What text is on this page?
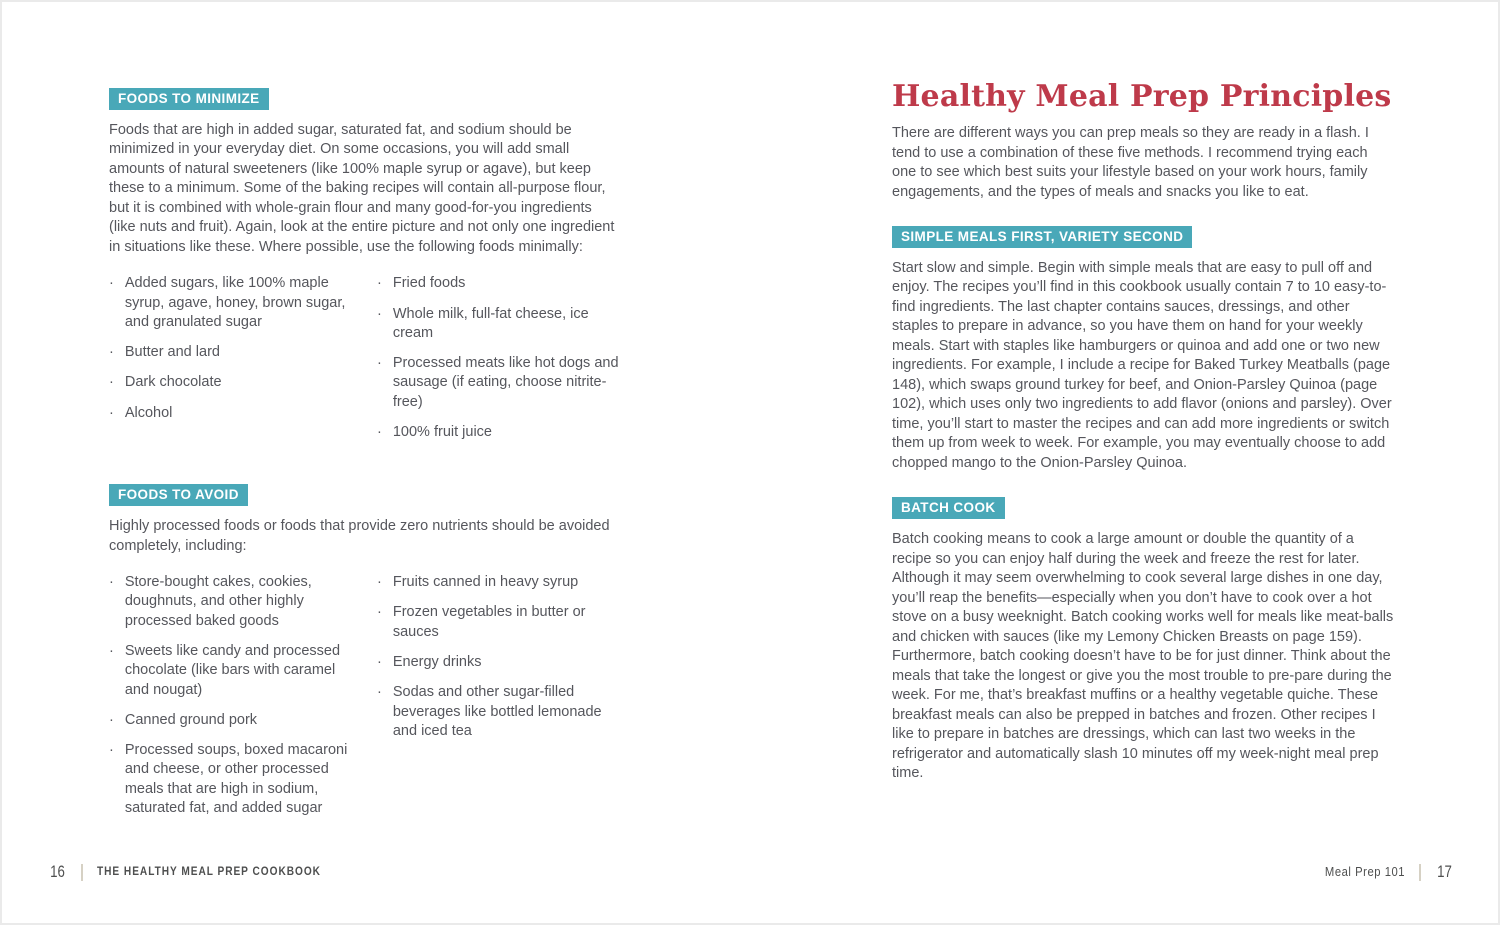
FOODS TO MINIMIZE
Foods that are high in added sugar, saturated fat, and sodium should be minimized in your everyday diet. On some occasions, you will add small amounts of natural sweeteners (like 100% maple syrup or agave), but keep these to a minimum. Some of the baking recipes will contain all-purpose flour, but it is combined with whole-grain flour and many good-for-you ingredients (like nuts and fruit). Again, look at the entire picture and not only one ingredient in situations like these. Where possible, use the following foods minimally:
· Added sugars, like 100% maple syrup, agave, honey, brown sugar, and granulated sugar
· Butter and lard
· Dark chocolate
· Alcohol
· Fried foods
· Whole milk, full-fat cheese, ice cream
· Processed meats like hot dogs and sausage (if eating, choose nitrite-free)
· 100% fruit juice
FOODS TO AVOID
Highly processed foods or foods that provide zero nutrients should be avoided completely, including:
· Store-bought cakes, cookies, doughnuts, and other highly processed baked goods
· Sweets like candy and processed chocolate (like bars with caramel and nougat)
· Canned ground pork
· Processed soups, boxed macaroni and cheese, or other processed meals that are high in sodium, saturated fat, and added sugar
· Fruits canned in heavy syrup
· Frozen vegetables in butter or sauces
· Energy drinks
· Sodas and other sugar-filled beverages like bottled lemonade and iced tea
Healthy Meal Prep Principles
There are different ways you can prep meals so they are ready in a flash. I tend to use a combination of these five methods. I recommend trying each one to see which best suits your lifestyle based on your work hours, family engagements, and the types of meals and snacks you like to eat.
SIMPLE MEALS FIRST, VARIETY SECOND
Start slow and simple. Begin with simple meals that are easy to pull off and enjoy. The recipes you’ll find in this cookbook usually contain 7 to 10 easy-to-find ingredients. The last chapter contains sauces, dressings, and other staples to prepare in advance, so you have them on hand for your weekly meals. Start with staples like hamburgers or quinoa and add one or two new ingredients. For example, I include a recipe for Baked Turkey Meatballs (page 148), which swaps ground turkey for beef, and Onion-Parsley Quinoa (page 102), which uses only two ingredients to add flavor (onions and parsley). Over time, you’ll start to master the recipes and can add more ingredients or switch them up from week to week. For example, you may eventually choose to add chopped mango to the Onion-Parsley Quinoa.
BATCH COOK
Batch cooking means to cook a large amount or double the quantity of a recipe so you can enjoy half during the week and freeze the rest for later. Although it may seem overwhelming to cook several large dishes in one day, you’ll reap the benefits—especially when you don’t have to cook over a hot stove on a busy weeknight. Batch cooking works well for meals like meat-balls and chicken with sauces (like my Lemony Chicken Breasts on page 159). Furthermore, batch cooking doesn’t have to be for just dinner. Think about the meals that take the longest or give you the most trouble to pre-pare during the week. For me, that’s breakfast muffins or a healthy vegetable quiche. These breakfast meals can also be prepped in batches and frozen. Other recipes I like to prepare in batches are dressings, which can last two weeks in the refrigerator and automatically slash 10 minutes off my week-night meal prep time.
16	THE HEALTHY MEAL PREP COOKBOOK	Meal Prep 101 17
